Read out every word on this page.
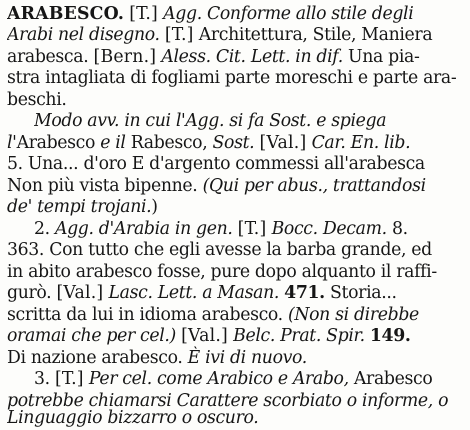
ARABESCO. [T.] Agg. Conforme allo stile degli
Arabi nel disegno. [T.] Architettura, Stile, Maniera
arabesca. [Bern.] Aless. Cit. Lett. in dif. Una pia-
stra intagliata di fogliami parte moreschi e parte ara-
beschi.
Modo avv. in cui l'Agg. si fa Sost. e spiega
l'Arabesco e il Rabesco, Sost. [Val.] Car. En. lib.
5. Una... d'oro E d'argento commessi all'arabesca
Non più vista bipenne. (Qui per abus., trattandosi
de' tempi trojani.)
2. Agg. d'Arabia in gen. [T.] Bocc. Decam. 8.
363. Con tutto che egli avesse la barba grande, ed
in abito arabesco fosse, pure dopo alquanto il raffi-
gurò. [Val.] Lasc. Lett. a Masan. 471. Storia...
scritta da lui in idioma arabesco. (Non si direbbe
oramai che per cel.) [Val.] Belc. Prat. Spir. 149.
Di nazione arabesco. È ivi di nuovo.
3. [T.] Per cel. come Arabico e Arabo, Arabesco
potrebbe chiamarsi Carattere scorbiato o informe, o
Linguaggio bizzarro o oscuro.
